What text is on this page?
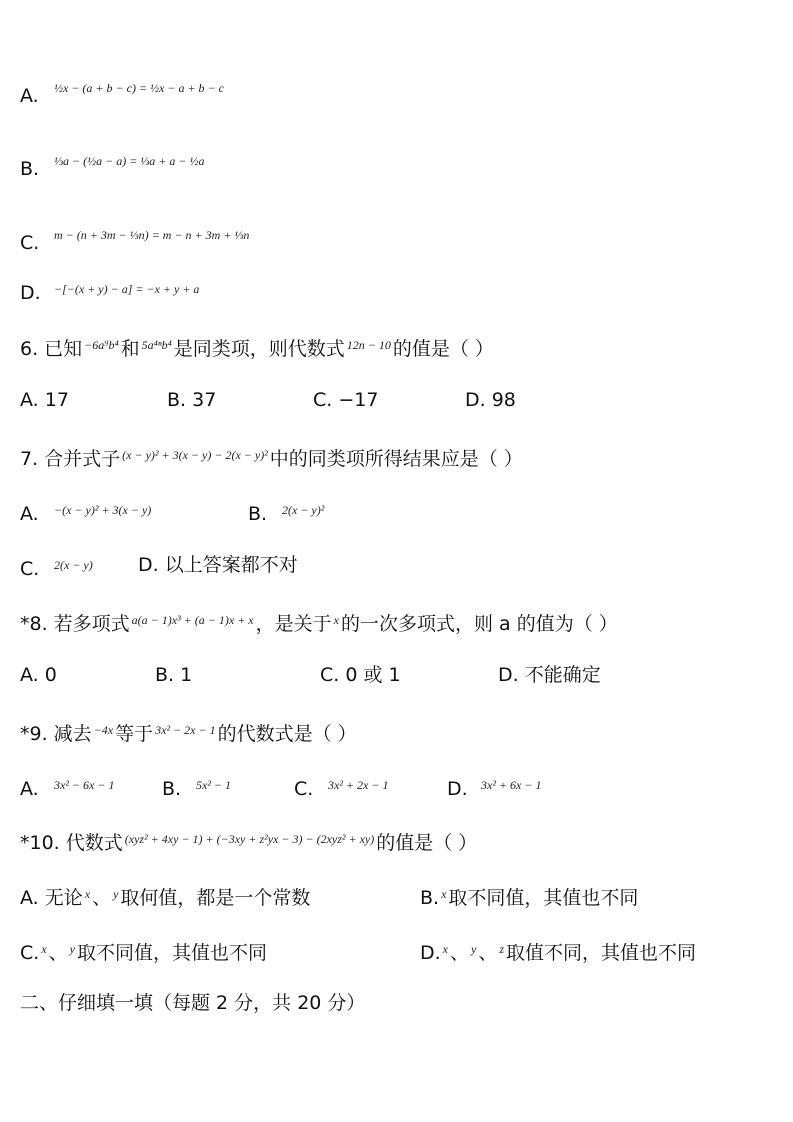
A. $^{\frac{1}{2}x - (a + b - c) = \frac{1}{2}x - a + b - c}$
B. $^{\frac{1}{3}a - (\frac{1}{2}a - a) = \frac{1}{3}a + a - \frac{1}{2}a}$
C. $^{m - (n + 3m - \frac{1}{3}n) = m - n + 3m + \frac{1}{3}n}$
D. $^{-[-(x + y) - a] = -x + y + a}$
6. 已知 $^{-6a^9b^4}$ 和 $^{5a^{4n}b^4}$ 是同类项，则代数式 $^{12n - 10}$ 的值是（ ）
A. 17	B. 37	C. −17	D. 98
7. 合并式子 $^{(x - y)^2 + 3(x - y) - 2(x - y)^2}$ 中的同类项所得结果应是（ ）
A. $^{-(x - y)^2 + 3(x - y)}$	B. $^{2(x - y)^2}$
C. $^{2(x - y)}$ D. 以上答案都不对
*8. 若多项式 $^{a(a - 1)x^3 + (a - 1)x + x}$ ，是关于 $^x$ 的一次多项式，则 a 的值为（ ）
A. 0	B. 1	C. 0 或 1	D. 不能确定
*9. 减去 $^{-4x}$ 等于 $^{3x^2 - 2x - 1}$ 的代数式是（ ）
A. $^{3x^2 - 6x - 1}$	B. $^{5x^2 - 1}$	C. $^{3x^2 + 2x - 1}$	D. $^{3x^2 + 6x - 1}$
*10. 代数式 $^{(xyz^2 + 4xy - 1) + (-3xy + z^2yx - 3) - (2xyz^2 + xy)}$ 的值是（ ）
A. 无论 $^x$ 、 $^y$ 取何值，都是一个常数	B. $^x$ 取不同值，其值也不同
C. $^x$ 、 $^y$ 取不同值，其值也不同	D. $^x$ 、 $^y$ 、 $^z$ 取值不同，其值也不同
二、仔细填一填（每题 2 分，共 20 分）
